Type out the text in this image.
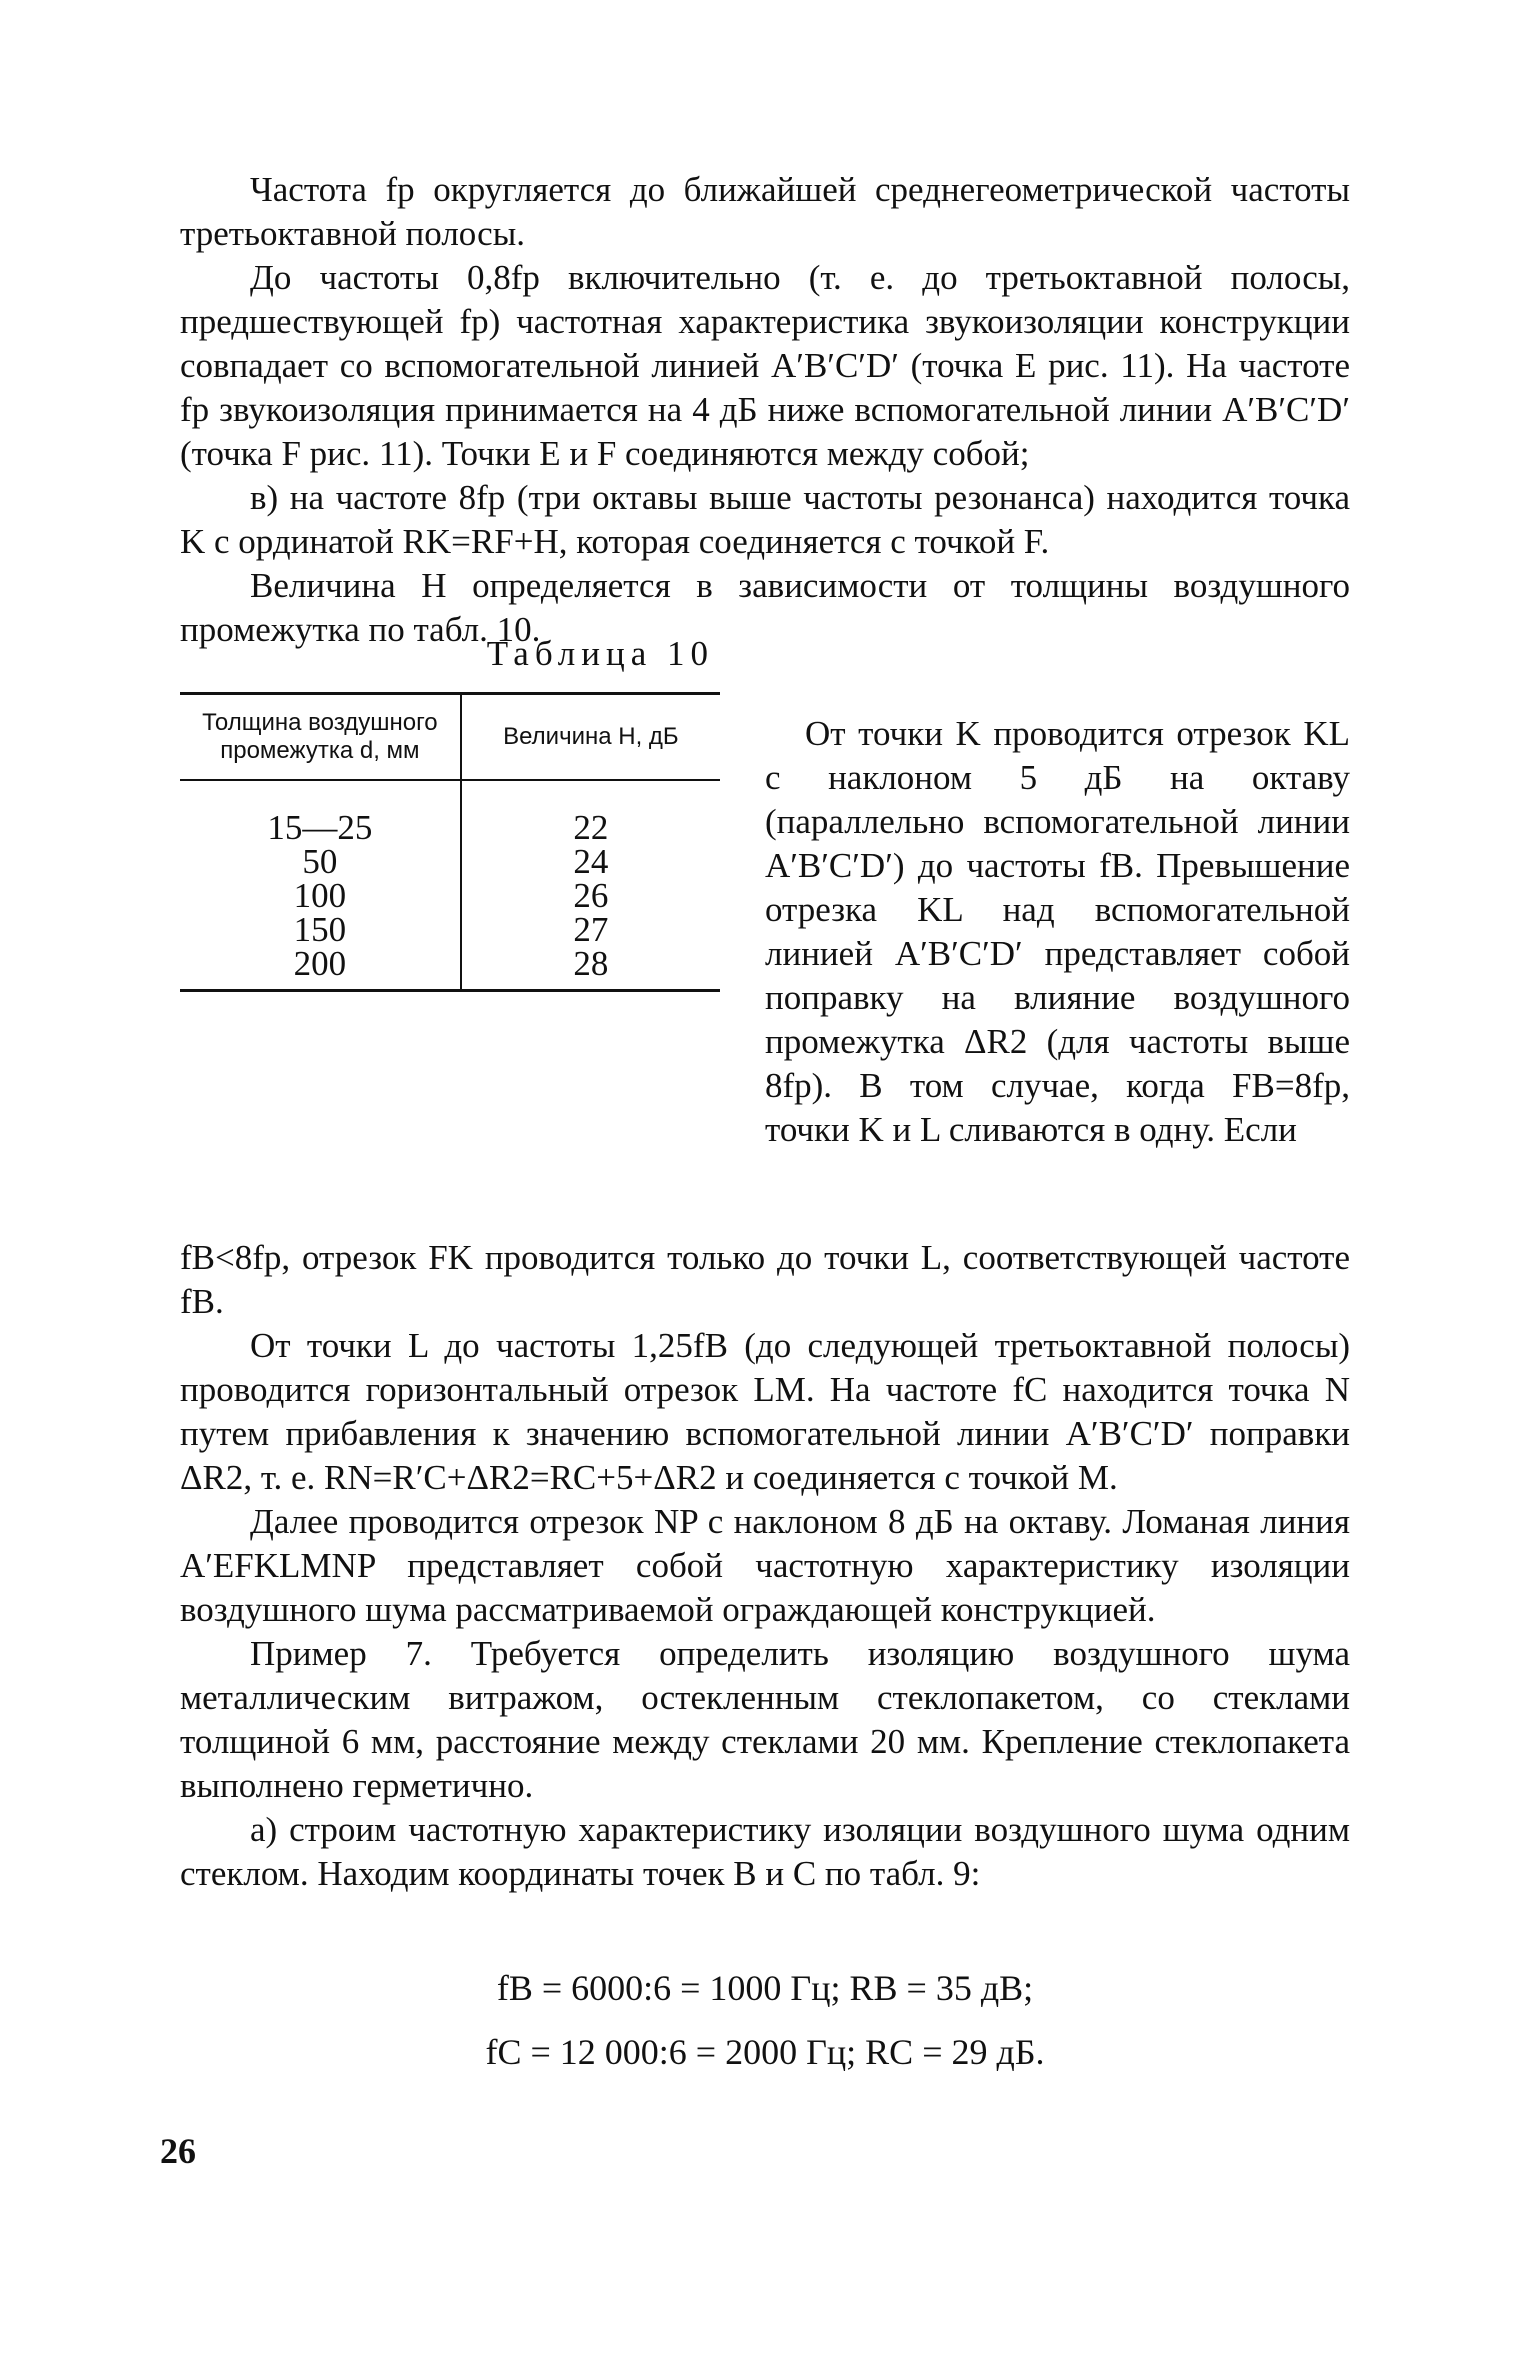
Частота fр округляется до ближайшей среднегеометрической частоты третьоктавной полосы.

До частоты 0,8fр включительно (т. е. до третьоктавной полосы, предшествующей fр) частотная характеристика звукоизоляции конструкции совпадает со вспомогательной линией A′B′C′D′ (точка E рис. 11). На частоте fр звукоизоляция принимается на 4 дБ ниже вспомогательной линии A′B′C′D′ (точка F рис. 11). Точки E и F соединяются между собой;

в) на частоте 8fр (три октавы выше частоты резонанса) находится точка K с ординатой RK=RF+H, которая соединяется с точкой F.

Величина H определяется в зависимости от толщины воздушного промежутка по табл. 10.

Таблица 10
Толщина воздушного промежутка d, мм	Величина H, дБ
15—25	22
50	24
100	26
150	27
200	28

От точки K проводится отрезок KL с наклоном 5 дБ на октаву (параллельно вспомогательной линии A′B′C′D′) до частоты fB. Превышение отрезка KL над вспомогательной линией A′B′C′D′ представляет собой поправку на влияние воздушного промежутка ΔR2 (для частоты выше 8fр). В том случае, когда FB=8fр, точки K и L сливаются в одну. Если

fB<8fр, отрезок FK проводится только до точки L, соответствующей частоте fB.

От точки L до частоты 1,25fB (до следующей третьоктавной полосы) проводится горизонтальный отрезок LM. На частоте fC находится точка N путем прибавления к значению вспомогательной линии A′B′C′D′ поправки ΔR2, т. е. RN=R′C+ΔR2=RC+5+ΔR2 и соединяется с точкой M.

Далее проводится отрезок NP с наклоном 8 дБ на октаву. Ломаная линия A′EFKLMNP представляет собой частотную характеристику изоляции воздушного шума рассматриваемой ограждающей конструкцией.

Пример 7. Требуется определить изоляцию воздушного шума металлическим витражом, остекленным стеклопакетом, со стеклами толщиной 6 мм, расстояние между стеклами 20 мм. Крепление стеклопакета выполнено герметично.

а) строим частотную характеристику изоляции воздушного шума одним стеклом. Находим координаты точек B и C по табл. 9:

fB = 6000:6 = 1000 Гц; RB = 35 дВ;
fC = 12 000:6 = 2000 Гц; RC = 29 дБ.
26
